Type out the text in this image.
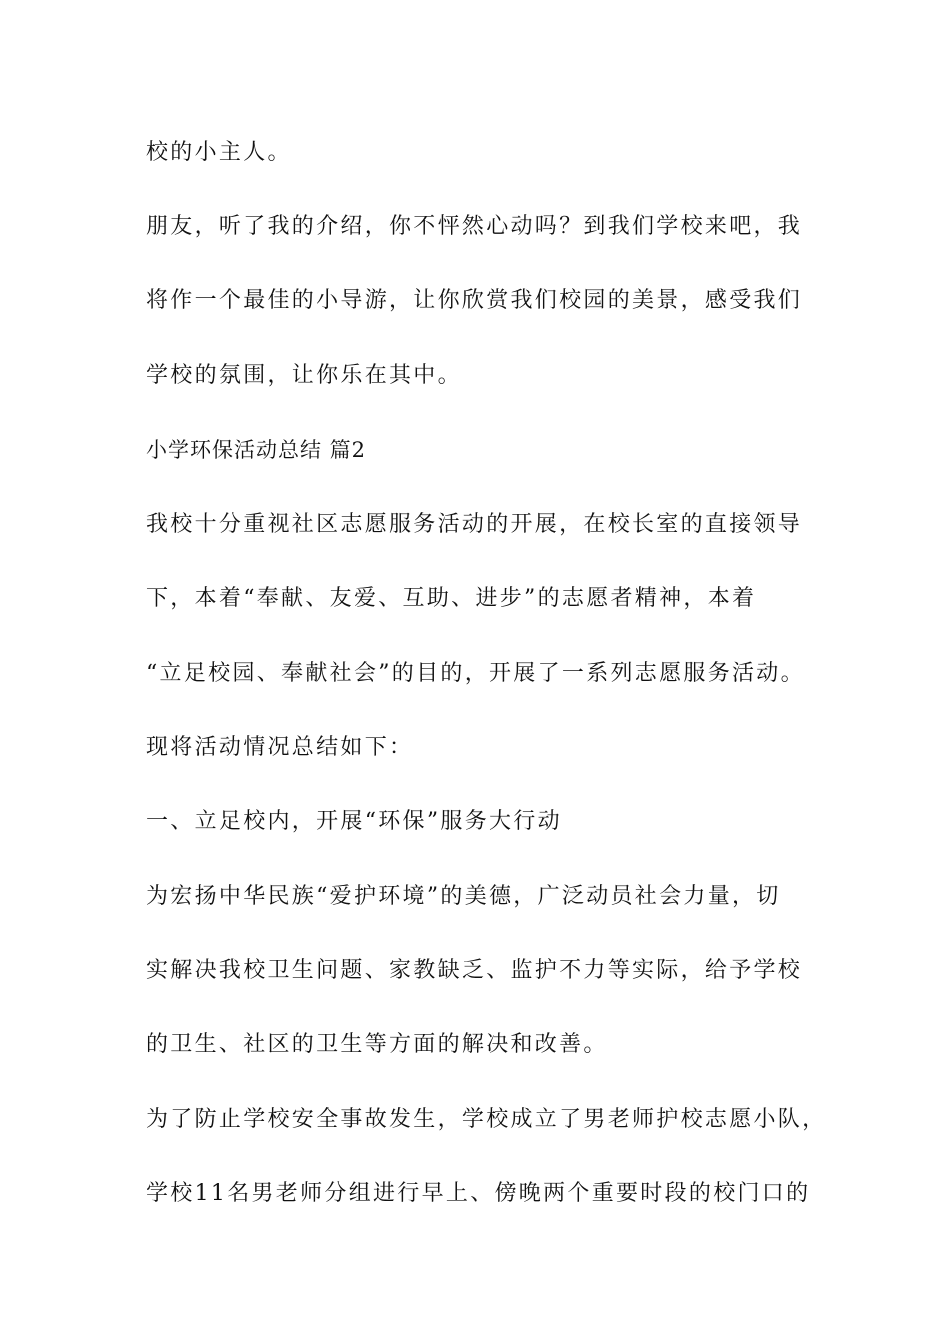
校的小主人。

朋友，听了我的介绍，你不怦然心动吗？到我们学校来吧，我

将作一个最佳的小导游，让你欣赏我们校园的美景，感受我们

学校的氛围，让你乐在其中。

小学环保活动总结 篇2

我校十分重视社区志愿服务活动的开展，在校长室的直接领导

下，本着“奉献、友爱、互助、进步”的志愿者精神，本着

“立足校园、奉献社会”的目的，开展了一系列志愿服务活动。

现将活动情况总结如下：

一、立足校内，开展“环保”服务大行动

为宏扬中华民族“爱护环境”的美德，广泛动员社会力量，切

实解决我校卫生问题、家教缺乏、监护不力等实际，给予学校

的卫生、社区的卫生等方面的解决和改善。

为了防止学校安全事故发生，学校成立了男老师护校志愿小队，

学校11名男老师分组进行早上、傍晚两个重要时段的校门口的
